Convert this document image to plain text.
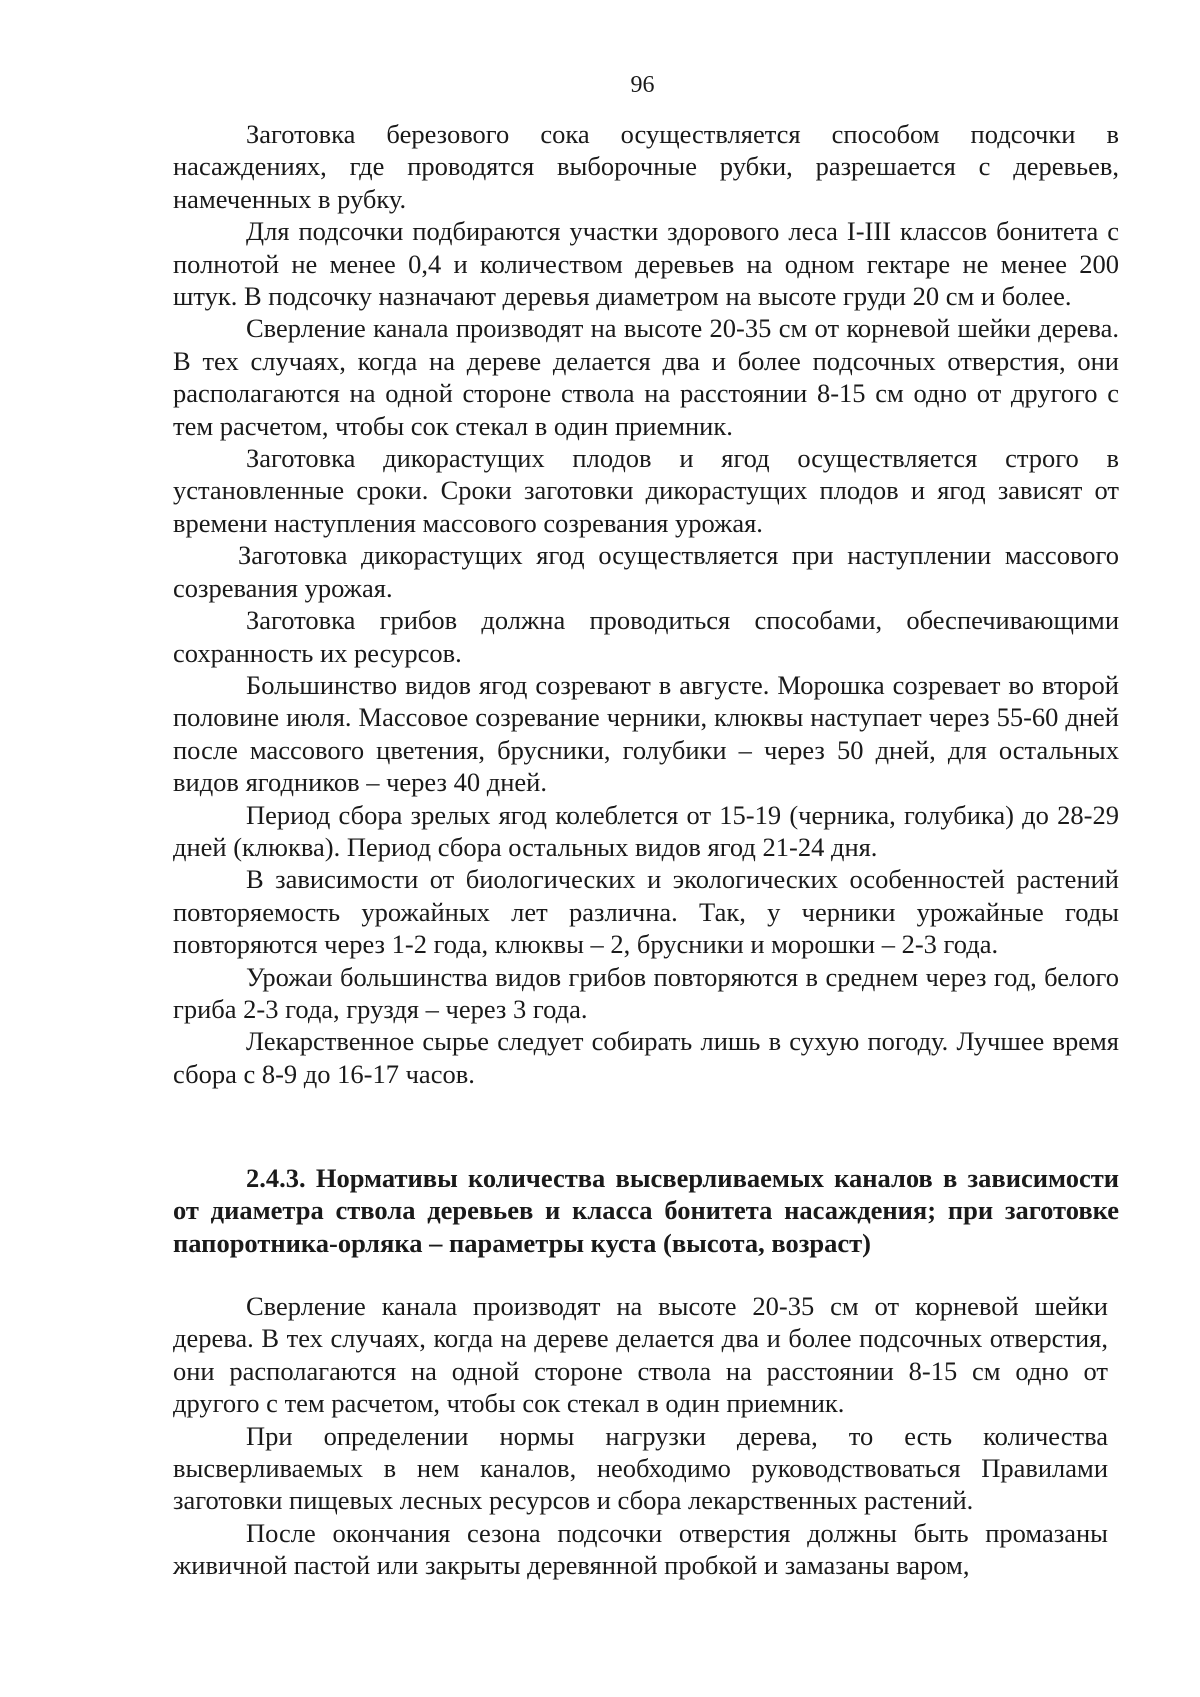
96

Заготовка березового сока осуществляется способом подсочки в насаждениях, где проводятся выборочные рубки, разрешается с деревьев, намеченных в рубку.

Для подсочки подбираются участки здорового леса I-III классов бонитета с полнотой не менее 0,4 и количеством деревьев на одном гектаре не менее 200 штук. В подсочку назначают деревья диаметром на высоте груди 20 см и более.

Сверление канала производят на высоте 20-35 см от корневой шейки дерева. В тех случаях, когда на дереве делается два и более подсочных отверстия, они располагаются на одной стороне ствола на расстоянии 8-15 см одно от другого с тем расчетом, чтобы сок стекал в один приемник.

Заготовка дикорастущих плодов и ягод осуществляется строго в установленные сроки. Сроки заготовки дикорастущих плодов и ягод зависят от времени наступления массового созревания урожая.

Заготовка дикорастущих ягод осуществляется при наступлении массового созревания урожая.

Заготовка грибов должна проводиться способами, обеспечивающими сохранность их ресурсов.

Большинство видов ягод созревают в августе. Морошка созревает во второй половине июля. Массовое созревание черники, клюквы наступает через 55-60 дней после массового цветения, брусники, голубики – через 50 дней, для остальных видов ягодников – через 40 дней.

Период сбора зрелых ягод колеблется от 15-19 (черника, голубика) до 28-29 дней (клюква). Период сбора остальных видов ягод 21-24 дня.

В зависимости от биологических и экологических особенностей растений повторяемость урожайных лет различна. Так, у черники урожайные годы повторяются через 1-2 года, клюквы – 2, брусники и морошки – 2-3 года.

Урожаи большинства видов грибов повторяются в среднем через год, белого гриба 2-3 года, груздя – через 3 года.

Лекарственное сырье следует собирать лишь в сухую погоду. Лучшее время сбора с 8-9 до 16-17 часов.

2.4.3. Нормативы количества высверливаемых каналов в зависимости от диаметра ствола деревьев и класса бонитета насаждения; при заготовке папоротника-орляка – параметры куста (высота, возраст)

Сверление канала производят на высоте 20-35 см от корневой шейки дерева. В тех случаях, когда на дереве делается два и более подсочных отверстия, они располагаются на одной стороне ствола на расстоянии 8-15 см одно от другого с тем расчетом, чтобы сок стекал в один приемник.

При определении нормы нагрузки дерева, то есть количества высверливаемых в нем каналов, необходимо руководствоваться Правилами заготовки пищевых лесных ресурсов и сбора лекарственных растений.

После окончания сезона подсочки отверстия должны быть промазаны живичной пастой или закрыты деревянной пробкой и замазаны варом,
